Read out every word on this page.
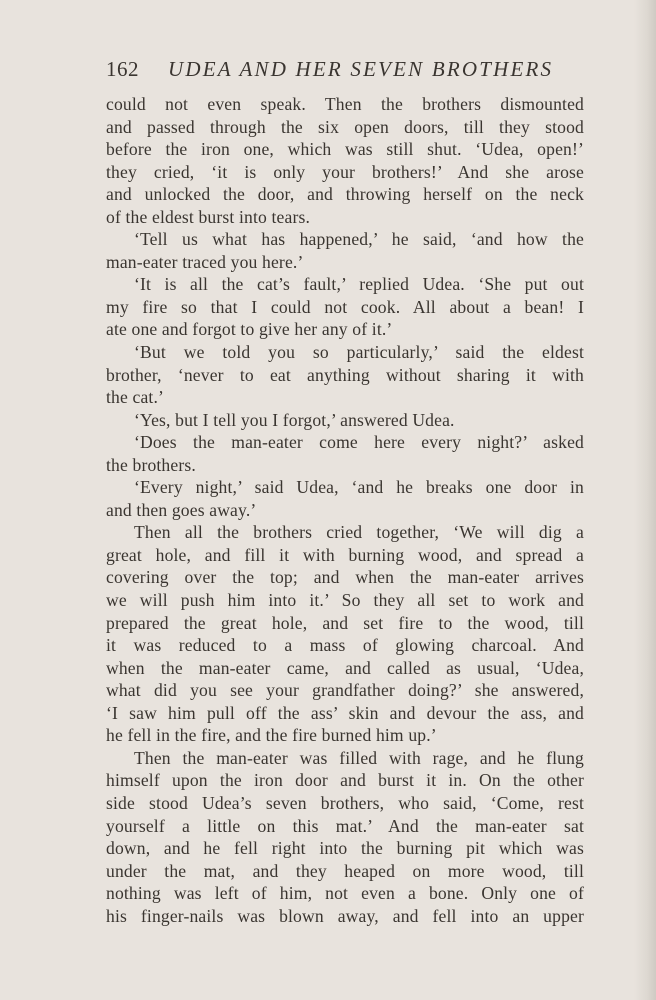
162 UDEA AND HER SEVEN BROTHERS
could not even speak. Then the brothers dismounted
and passed through the six open doors, till they stood
before the iron one, which was still shut. ‘Udea, open!’
they cried, ‘it is only your brothers!’ And she arose
and unlocked the door, and throwing herself on the neck
of the eldest burst into tears.
‘Tell us what has happened,’ he said, ‘and how the
man-eater traced you here.’
‘It is all the cat’s fault,’ replied Udea. ‘She put out
my fire so that I could not cook. All about a bean! I
ate one and forgot to give her any of it.’
‘But we told you so particularly,’ said the eldest
brother, ‘never to eat anything without sharing it with
the cat.’
‘Yes, but I tell you I forgot,’ answered Udea.
‘Does the man-eater come here every night?’ asked
the brothers.
‘Every night,’ said Udea, ‘and he breaks one door in
and then goes away.’
Then all the brothers cried together, ‘We will dig a
great hole, and fill it with burning wood, and spread a
covering over the top; and when the man-eater arrives
we will push him into it.’ So they all set to work and
prepared the great hole, and set fire to the wood, till
it was reduced to a mass of glowing charcoal. And
when the man-eater came, and called as usual, ‘Udea,
what did you see your grandfather doing?’ she answered,
‘I saw him pull off the ass’ skin and devour the ass, and
he fell in the fire, and the fire burned him up.’
Then the man-eater was filled with rage, and he flung
himself upon the iron door and burst it in. On the other
side stood Udea’s seven brothers, who said, ‘Come, rest
yourself a little on this mat.’ And the man-eater sat
down, and he fell right into the burning pit which was
under the mat, and they heaped on more wood, till
nothing was left of him, not even a bone. Only one of
his finger-nails was blown away, and fell into an upper
